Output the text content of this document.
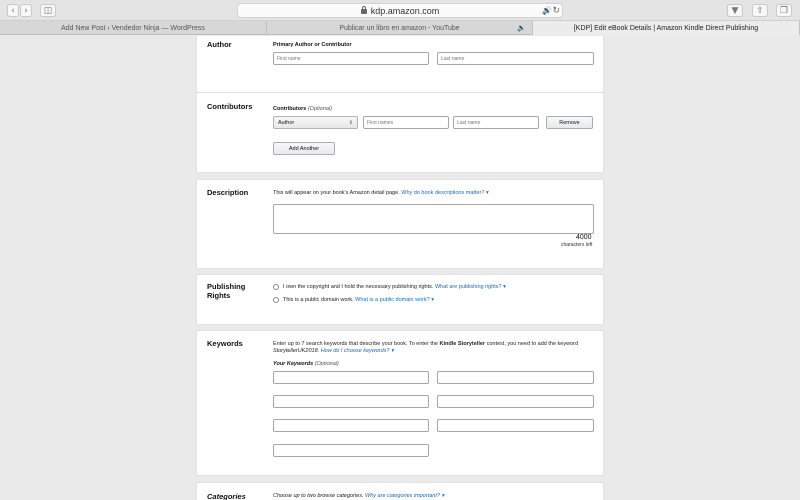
‹ › ◫	kdp.amazon.com	🔊 ↻	▼ ⇧ ❐
Add New Post ‹ Vendedor Ninja — WordPress	Publicar un libro en amazon - YouTube	🔈	[KDP] Edit eBook Details | Amazon Kindle Direct Publishing
Author	Primary Author or Contributor
First name	Last name
Contributors	Contributors (Optional)
Author	⇕	First names	Last name	Remove
Add Another
Description	This will appear on your book's Amazon detail page. Why do book descriptions matter? ▾
4000
characters left
Publishing
Rights
I own the copyright and I hold the necessary publishing rights. What are publishing rights? ▾
This is a public domain work. What is a public domain work? ▾
Keywords	Enter up to 7 search keywords that describe your book. To enter the Kindle Storyteller contest, you need to add the keyword
StorytellerUK2018. How do I choose keywords? ▾
Your Keywords (Optional)
Categories	Choose up to two browse categories. Why are categories important? ▾
